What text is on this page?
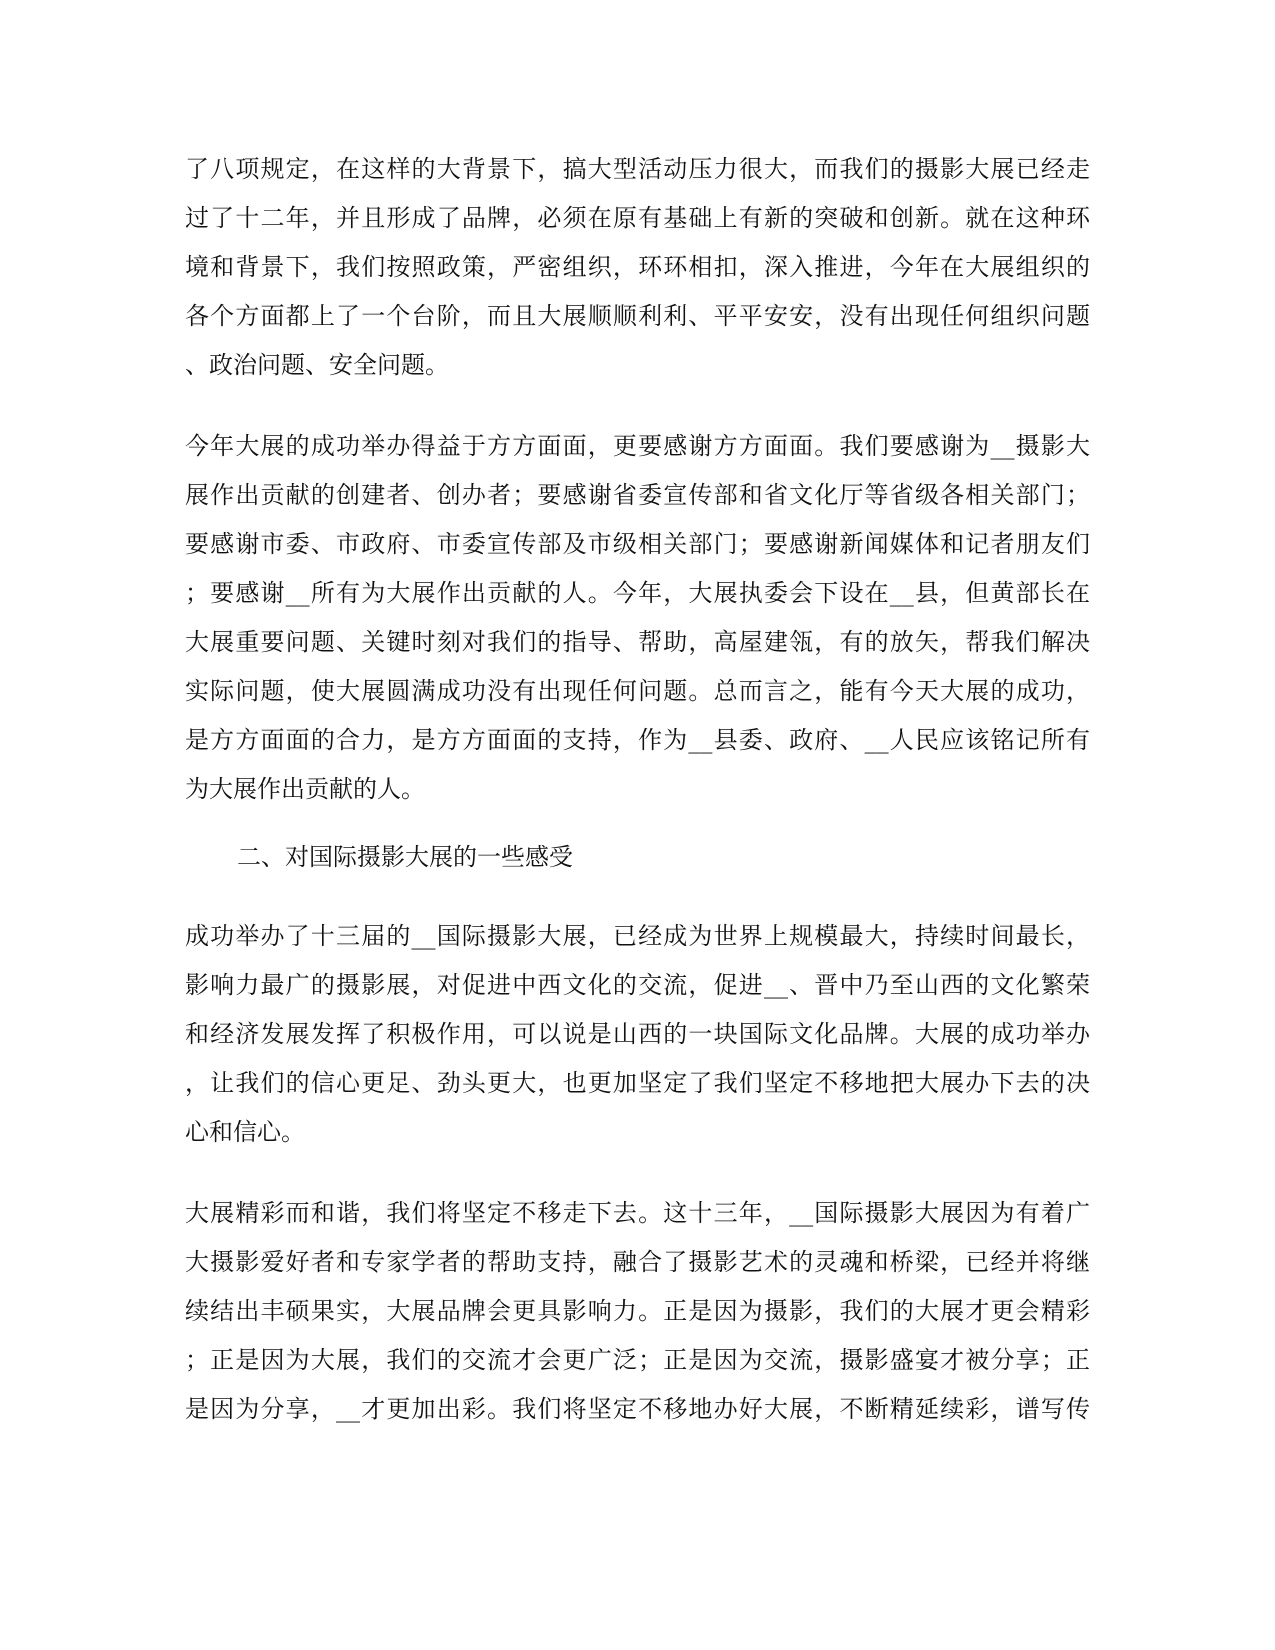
了八项规定，在这样的大背景下，搞大型活动压力很大，而我们的摄影大展已经走
过了十二年，并且形成了品牌，必须在原有基础上有新的突破和创新。就在这种环
境和背景下，我们按照政策，严密组织，环环相扣，深入推进，今年在大展组织的
各个方面都上了一个台阶，而且大展顺顺利利、平平安安，没有出现任何组织问题
、政治问题、安全问题。
今年大展的成功举办得益于方方面面，更要感谢方方面面。我们要感谢为__摄影大
展作出贡献的创建者、创办者；要感谢省委宣传部和省文化厅等省级各相关部门；
要感谢市委、市政府、市委宣传部及市级相关部门；要感谢新闻媒体和记者朋友们
；要感谢__所有为大展作出贡献的人。今年，大展执委会下设在__县，但黄部长在
大展重要问题、关键时刻对我们的指导、帮助，高屋建瓴，有的放矢，帮我们解决
实际问题，使大展圆满成功没有出现任何问题。总而言之，能有今天大展的成功，
是方方面面的合力，是方方面面的支持，作为__县委、政府、__人民应该铭记所有
为大展作出贡献的人。
二、对国际摄影大展的一些感受
成功举办了十三届的__国际摄影大展，已经成为世界上规模最大，持续时间最长，
影响力最广的摄影展，对促进中西文化的交流，促进__、晋中乃至山西的文化繁荣
和经济发展发挥了积极作用，可以说是山西的一块国际文化品牌。大展的成功举办
，让我们的信心更足、劲头更大，也更加坚定了我们坚定不移地把大展办下去的决
心和信心。
大展精彩而和谐，我们将坚定不移走下去。这十三年，__国际摄影大展因为有着广
大摄影爱好者和专家学者的帮助支持，融合了摄影艺术的灵魂和桥梁，已经并将继
续结出丰硕果实，大展品牌会更具影响力。正是因为摄影，我们的大展才更会精彩
；正是因为大展，我们的交流才会更广泛；正是因为交流，摄影盛宴才被分享；正
是因为分享，__才更加出彩。我们将坚定不移地办好大展，不断精延续彩，谱写传
